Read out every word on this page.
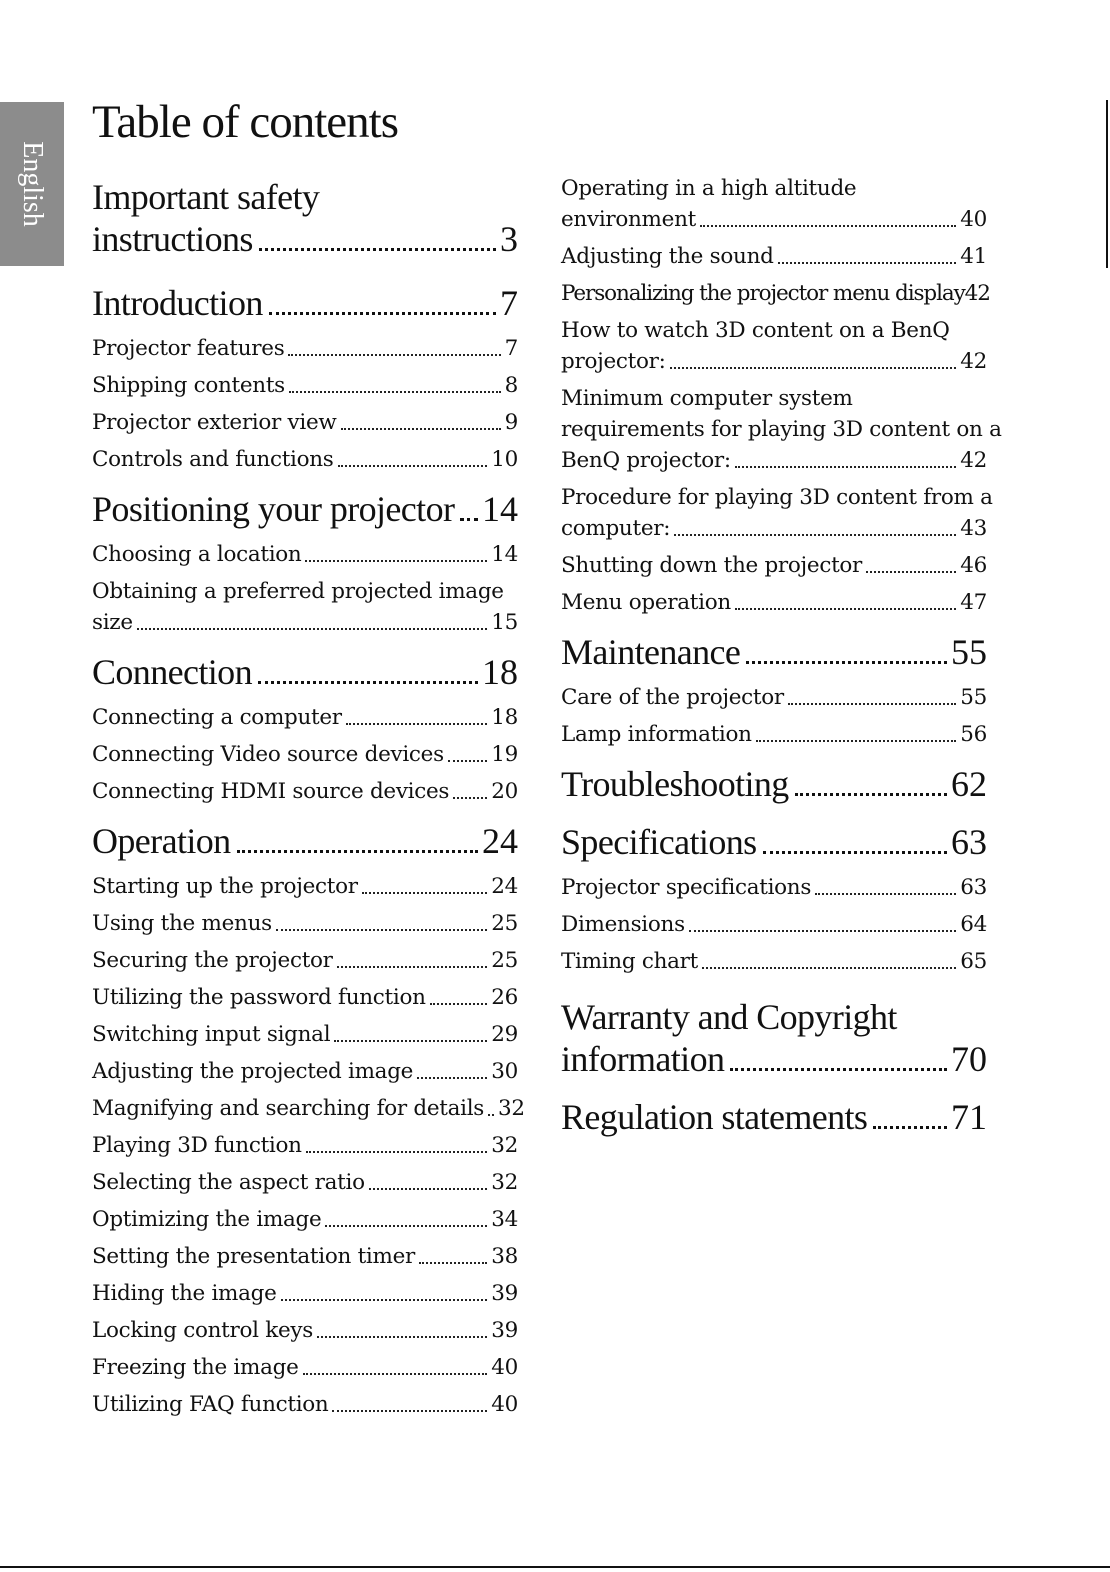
English
Table of contents
Important safety
instructions	3
Introduction	7
Projector features	7
Shipping contents	8
Projector exterior view	9
Controls and functions	10
Positioning your projector 14
Choosing a location	14
Obtaining a preferred projected image
size	15
Connection	18
Connecting a computer	18
Connecting Video source devices 19
Connecting HDMI source devices 20
Operation	24
Starting up the projector	24
Using the menus	25
Securing the projector	25
Utilizing the password function	26
Switching input signal	29
Adjusting the projected image	30
Magnifying and searching for details 32
Playing 3D function	32
Selecting the aspect ratio	32
Optimizing the image	34
Setting the presentation timer	38
Hiding the image	39
Locking control keys	39
Freezing the image	40
Utilizing FAQ function	40
Operating in a high altitude
environment	40
Adjusting the sound	41
Personalizing the projector menu display 42
How to watch 3D content on a BenQ
projector:	42
Minimum computer system
requirements for playing 3D content on a
BenQ projector:	42
Procedure for playing 3D content from a
computer:	43
Shutting down the projector	46
Menu operation	47
Maintenance	55
Care of the projector	55
Lamp information	56
Troubleshooting	62
Specifications	63
Projector specifications	63
Dimensions	64
Timing chart	65
Warranty and Copyright
information	70
Regulation statements 71
